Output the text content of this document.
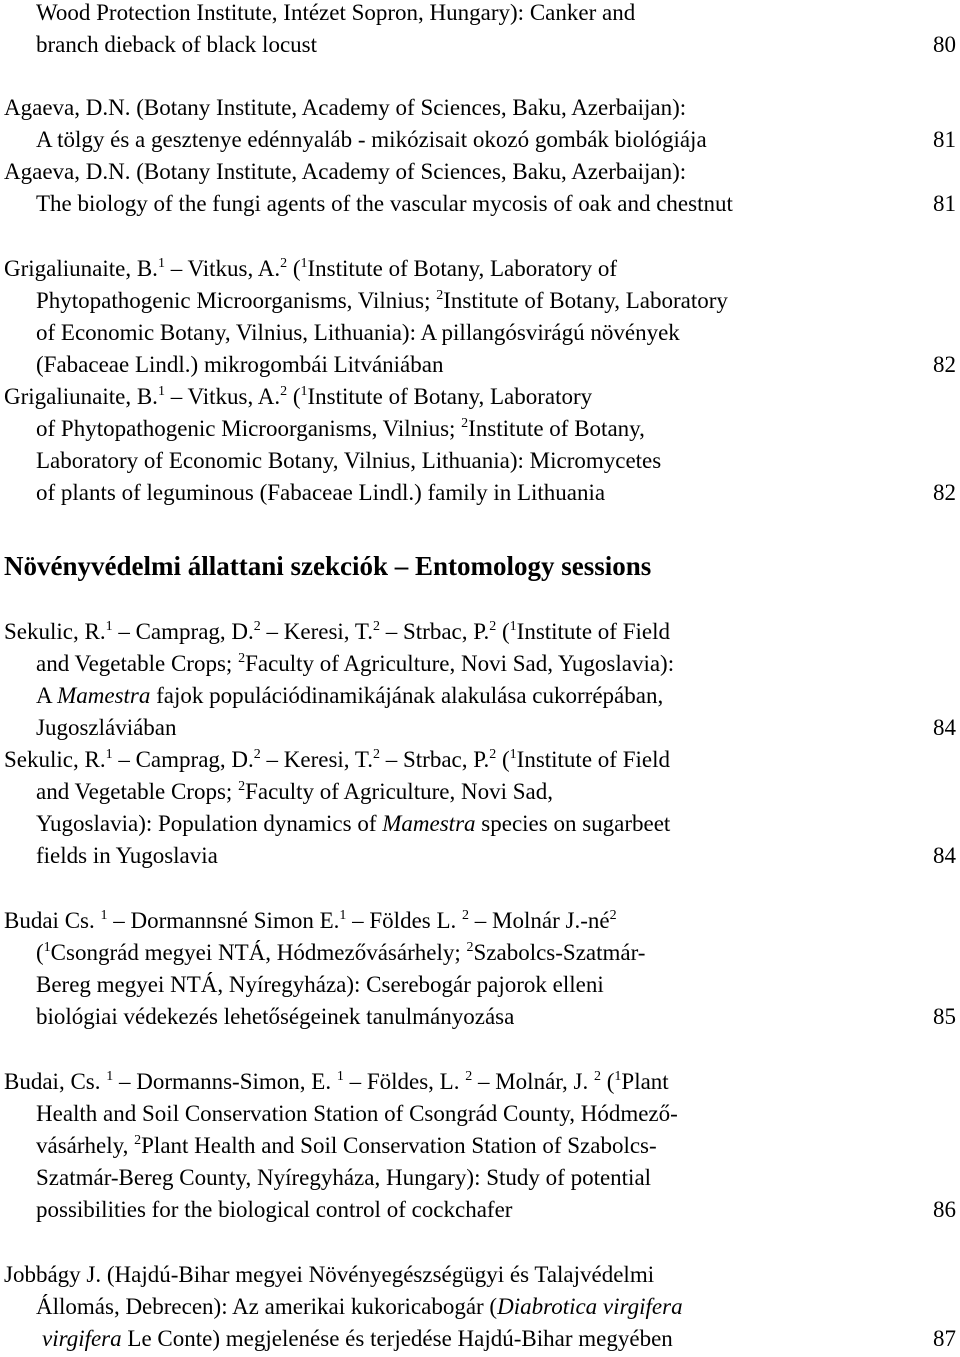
Wood Protection Institute, Intézet Sopron, Hungary): Canker and
branch dieback of black locust	80
Agaeva, D.N. (Botany Institute, Academy of Sciences, Baku, Azerbaijan):
A tölgy és a gesztenye edénnyaláb - mikózisait okozó gombák biológiája	81
Agaeva, D.N. (Botany Institute, Academy of Sciences, Baku, Azerbaijan):
The biology of the fungi agents of the vascular mycosis of oak and chestnut	81
Grigaliunaite, B.$^1$ – Vitkus, A.$^2$ ($^1$Institute of Botany, Laboratory of
Phytopathogenic Microorganisms, Vilnius; $^2$Institute of Botany, Laboratory
of Economic Botany, Vilnius, Lithuania): A pillangósvirágú növények
(Fabaceae Lindl.) mikrogombái Litvániában	82
Grigaliunaite, B.$^1$ – Vitkus, A.$^2$ ($^1$Institute of Botany, Laboratory
of Phytopathogenic Microorganisms, Vilnius; $^2$Institute of Botany,
Laboratory of Economic Botany, Vilnius, Lithuania): Micromycetes
of plants of leguminous (Fabaceae Lindl.) family in Lithuania	82
Növényvédelmi állattani szekciók – Entomology sessions
Sekulic, R.$^1$ – Camprag, D.$^2$ – Keresi, T.$^2$ – Strbac, P.$^2$ ($^1$Institute of Field
and Vegetable Crops; $^2$Faculty of Agriculture, Novi Sad, Yugoslavia):
A Mamestra fajok populációdinamikájának alakulása cukorrépában,
Jugoszláviában	84
Sekulic, R.$^1$ – Camprag, D.$^2$ – Keresi, T.$^2$ – Strbac, P.$^2$ ($^1$Institute of Field
and Vegetable Crops; $^2$Faculty of Agriculture, Novi Sad,
Yugoslavia): Population dynamics of Mamestra species on sugarbeet
fields in Yugoslavia	84
Budai Cs. $^1$ – Dormannsné Simon E.$^1$ – Földes L. $^2$ – Molnár $J.-né^2$
($^1$Csongrád megyei NTÁ, Hódmezővásárhely; $^2$Szabolcs-Szatmár-
Bereg megyei NTÁ, Nyíregyháza): Cserebogár pajorok elleni
biológiai védekezés lehetőségeinek tanulmányozása	85
Budai, Cs. $^1$ – Dormanns-Simon, E. $^1$ – Földes, L. $^2$ – Molnár, J. $^2$ ($^1$Plant
Health and Soil Conservation Station of Csongrád County, Hódmező-
vásárhely, $^2$Plant Health and Soil Conservation Station of Szabolcs-
Szatmár-Bereg County, Nyíregyháza, Hungary): Study of potential
possibilities for the biological control of cockchafer	86
Jobbágy J. (Hajdú-Bihar megyei Növényegészségügyi és Talajvédelmi
Állomás, Debrecen): Az amerikai kukoricabogár (Diabrotica virgifera
virgifera Le Conte) megjelenése és terjedése Hajdú-Bihar megyében	87
